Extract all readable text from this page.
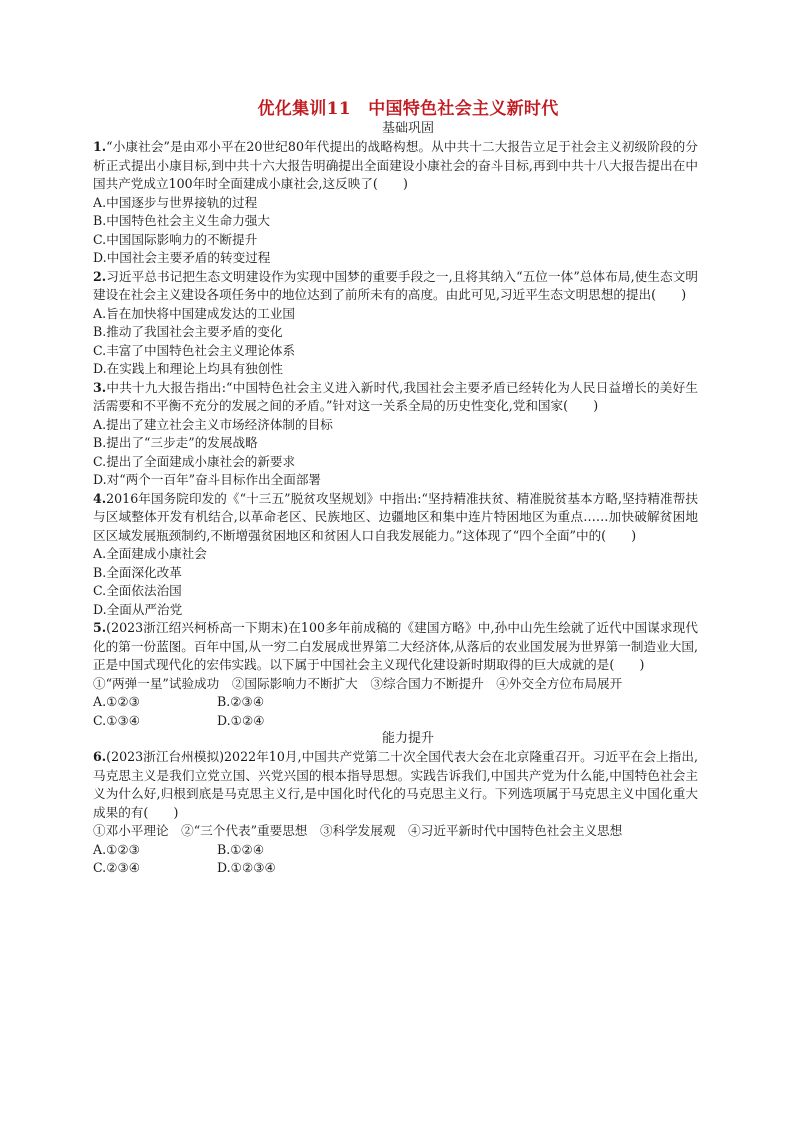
优化集训11　中国特色社会主义新时代
基础巩固
1.“小康社会”是由邓小平在20世纪80年代提出的战略构想。从中共十二大报告立足于社会主义初级阶段的分析正式提出小康目标,到中共十六大报告明确提出全面建设小康社会的奋斗目标,再到中共十八大报告提出在中国共产党成立100年时全面建成小康社会,这反映了(　　)
A.中国逐步与世界接轨的过程
B.中国特色社会主义生命力强大
C.中国国际影响力的不断提升
D.中国社会主要矛盾的转变过程
2.习近平总书记把生态文明建设作为实现中国梦的重要手段之一,且将其纳入“五位一体”总体布局,使生态文明建设在社会主义建设各项任务中的地位达到了前所未有的高度。由此可见,习近平生态文明思想的提出(　　)
A.旨在加快将中国建成发达的工业国
B.推动了我国社会主要矛盾的变化
C.丰富了中国特色社会主义理论体系
D.在实践上和理论上均具有独创性
3.中共十九大报告指出:“中国特色社会主义进入新时代,我国社会主要矛盾已经转化为人民日益增长的美好生活需要和不平衡不充分的发展之间的矛盾。”针对这一关系全局的历史性变化,党和国家(　　)
A.提出了建立社会主义市场经济体制的目标
B.提出了“三步走”的发展战略
C.提出了全面建成小康社会的新要求
D.对“两个一百年”奋斗目标作出全面部署
4.2016年国务院印发的《“十三五”脱贫攻坚规划》中指出:“坚持精准扶贫、精准脱贫基本方略,坚持精准帮扶与区域整体开发有机结合,以革命老区、民族地区、边疆地区和集中连片特困地区为重点……加快破解贫困地区区域发展瓶颈制约,不断增强贫困地区和贫困人口自我发展能力。”这体现了“四个全面”中的(　　)
A.全面建成小康社会
B.全面深化改革
C.全面依法治国
D.全面从严治党
5.(2023浙江绍兴柯桥高一下期末)在100多年前成稿的《建国方略》中,孙中山先生绘就了近代中国谋求现代化的第一份蓝图。百年中国,从一穷二白发展成世界第二大经济体,从落后的农业国发展为世界第一制造业大国,正是中国式现代化的宏伟实践。以下属于中国社会主义现代化建设新时期取得的巨大成就的是(　　)
①“两弹一星”试验成功　②国际影响力不断扩大　③综合国力不断提升　④外交全方位布局展开
A.①②③	B.②③④
C.①③④	D.①②④
能力提升
6.(2023浙江台州模拟)2022年10月,中国共产党第二十次全国代表大会在北京隆重召开。习近平在会上指出,马克思主义是我们立党立国、兴党兴国的根本指导思想。实践告诉我们,中国共产党为什么能,中国特色社会主义为什么好,归根到底是马克思主义行,是中国化时代化的马克思主义行。下列选项属于马克思主义中国化重大成果的有(　　)
①邓小平理论　②“三个代表”重要思想　③科学发展观　④习近平新时代中国特色社会主义思想
A.①②③	B.①②④
C.②③④	D.①②③④
